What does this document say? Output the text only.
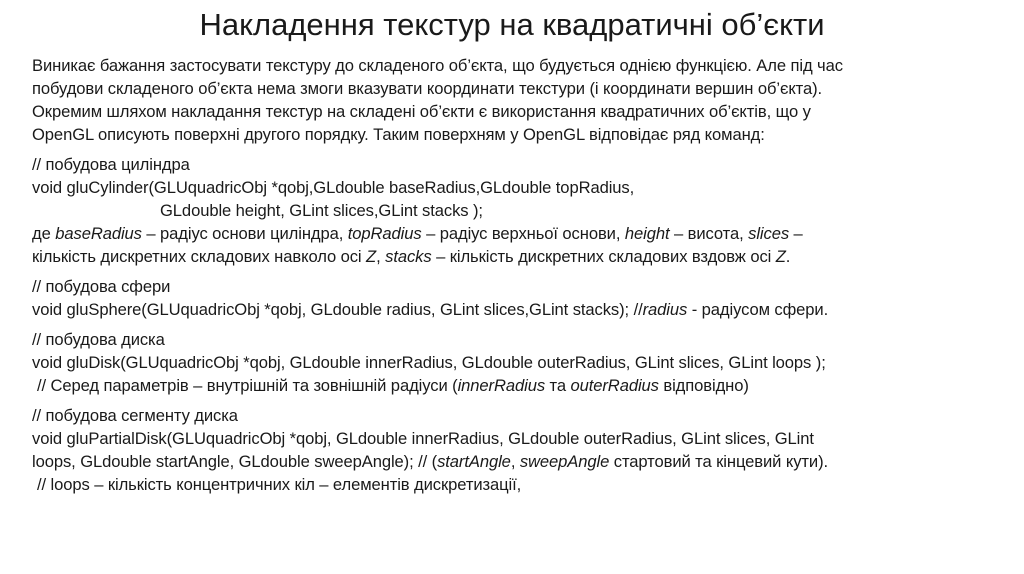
Накладення текстур на квадратичні об’єкти
Виникає бажання застосувати текстуру до складеного об’єкта, що будується однією функцією. Але під час
побудови складеного об’єкта нема змоги вказувати координати текстури (і координати вершин об’єкта).
Окремим шляхом накладання текстур на складені об’єкти є використання квадратичних об’єктів, що у
OpenGL описують поверхні другого порядку. Таким поверхням у OpenGL відповідає ряд команд:
// побудова циліндра
void gluCylinder(GLUquadricObj *qobj,GLdouble baseRadius,GLdouble topRadius,
GLdouble height, GLint slices,GLint stacks );
де baseRadius – радіус основи циліндра, topRadius – радіус верхньої основи, height – висота, slices –
кількість дискретних складових навколо осі Z, stacks – кількість дискретних складових вздовж осі Z.
// побудова сфери
void gluSphere(GLUquadricObj *qobj, GLdouble radius, GLint slices,GLint stacks); //radius - радіусом сфери.
// побудова диска
void gluDisk(GLUquadricObj *qobj, GLdouble innerRadius, GLdouble outerRadius, GLint slices, GLint loops );
// Серед параметрів – внутрішній та зовнішній радіуси (innerRadius та outerRadius відповідно)
// побудова сегменту диска
void gluPartialDisk(GLUquadricObj *qobj, GLdouble innerRadius, GLdouble outerRadius, GLint slices, GLint
loops, GLdouble startAngle, GLdouble sweepAngle); // (startAngle, sweepAngle стартовий та кінцевий кути).
// loops – кількість концентричних кіл – елементів дискретизації,
